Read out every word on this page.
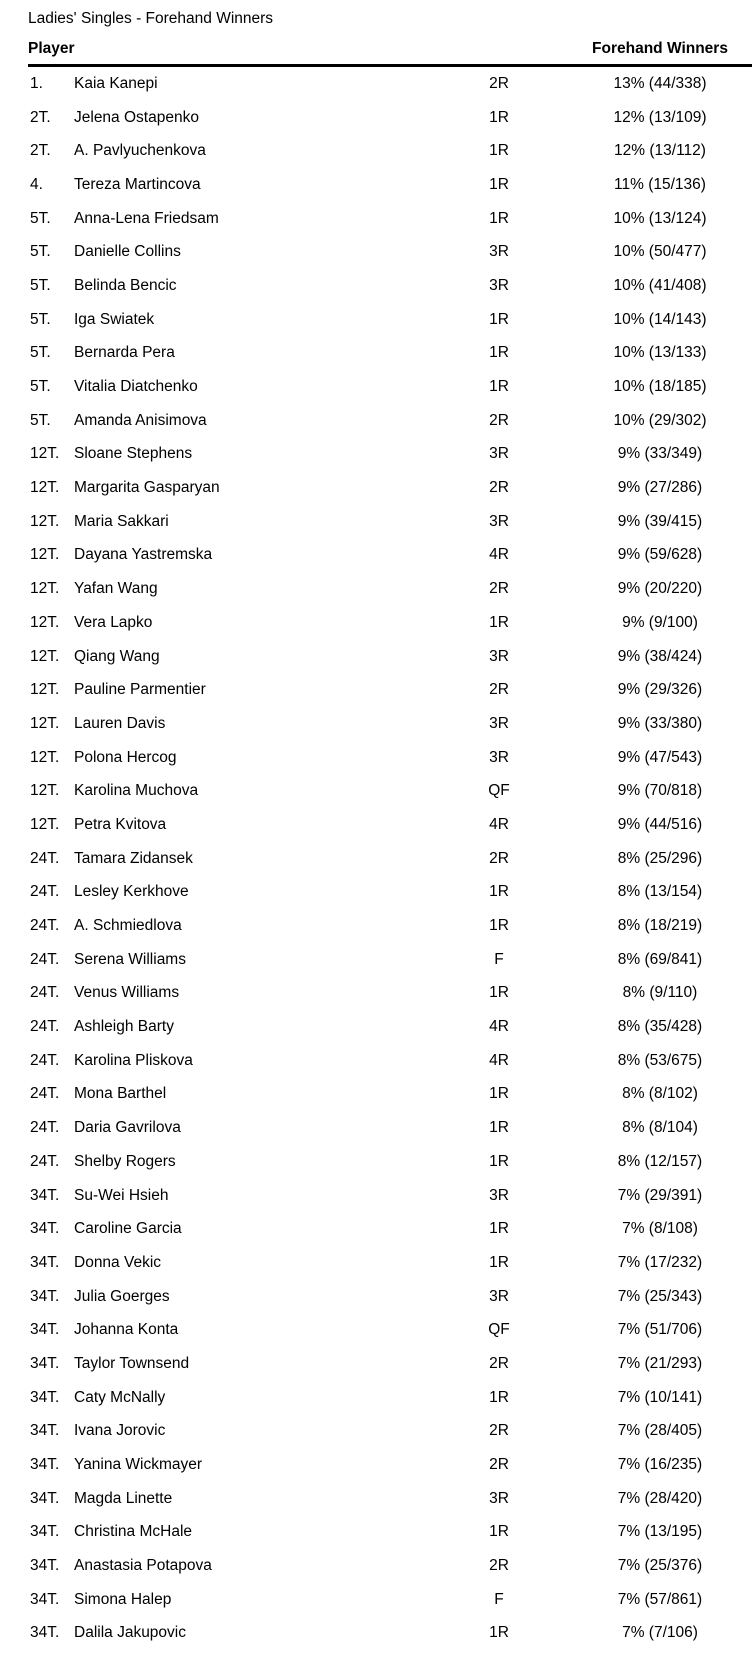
Ladies' Singles - Forehand Winners
Player	Forehand Winners
1.	Kaia Kanepi	2R	13% (44/338)
2T.	Jelena Ostapenko	1R	12% (13/109)
2T.	A. Pavlyuchenkova	1R	12% (13/112)
4.	Tereza Martincova	1R	11% (15/136)
5T.	Anna-Lena Friedsam	1R	10% (13/124)
5T.	Danielle Collins	3R	10% (50/477)
5T.	Belinda Bencic	3R	10% (41/408)
5T.	Iga Swiatek	1R	10% (14/143)
5T.	Bernarda Pera	1R	10% (13/133)
5T.	Vitalia Diatchenko	1R	10% (18/185)
5T.	Amanda Anisimova	2R	10% (29/302)
12T. Sloane Stephens	3R	9% (33/349)
12T. Margarita Gasparyan	2R	9% (27/286)
12T. Maria Sakkari	3R	9% (39/415)
12T. Dayana Yastremska	4R	9% (59/628)
12T. Yafan Wang	2R	9% (20/220)
12T. Vera Lapko	1R	9% (9/100)
12T. Qiang Wang	3R	9% (38/424)
12T. Pauline Parmentier	2R	9% (29/326)
12T. Lauren Davis	3R	9% (33/380)
12T. Polona Hercog	3R	9% (47/543)
12T. Karolina Muchova	QF	9% (70/818)
12T. Petra Kvitova	4R	9% (44/516)
24T. Tamara Zidansek	2R	8% (25/296)
24T. Lesley Kerkhove	1R	8% (13/154)
24T. A. Schmiedlova	1R	8% (18/219)
24T. Serena Williams	F	8% (69/841)
24T. Venus Williams	1R	8% (9/110)
24T. Ashleigh Barty	4R	8% (35/428)
24T. Karolina Pliskova	4R	8% (53/675)
24T. Mona Barthel	1R	8% (8/102)
24T. Daria Gavrilova	1R	8% (8/104)
24T. Shelby Rogers	1R	8% (12/157)
34T. Su-Wei Hsieh	3R	7% (29/391)
34T. Caroline Garcia	1R	7% (8/108)
34T. Donna Vekic	1R	7% (17/232)
34T. Julia Goerges	3R	7% (25/343)
34T. Johanna Konta	QF	7% (51/706)
34T. Taylor Townsend	2R	7% (21/293)
34T. Caty McNally	1R	7% (10/141)
34T. Ivana Jorovic	2R	7% (28/405)
34T. Yanina Wickmayer	2R	7% (16/235)
34T. Magda Linette	3R	7% (28/420)
34T. Christina McHale	1R	7% (13/195)
34T. Anastasia Potapova	2R	7% (25/376)
34T. Simona Halep	F	7% (57/861)
34T. Dalila Jakupovic	1R	7% (7/106)
